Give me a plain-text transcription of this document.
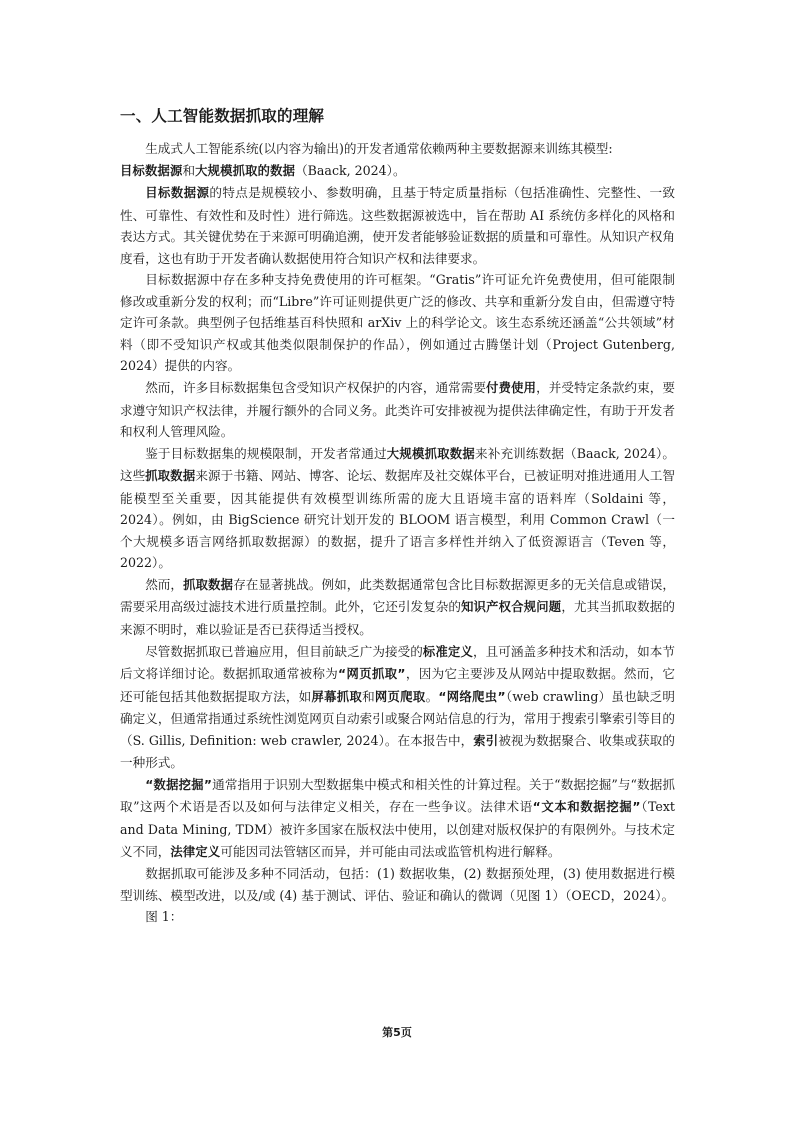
一、人工智能数据抓取的理解

生成式人工智能系统(以内容为输出)的开发者通常依赖两种主要数据源来训练其模型:
目标数据源和大规模抓取的数据（Baack, 2024）。

目标数据源的特点是规模较小、参数明确，且基于特定质量指标（包括准确性、完整性、一致性、可靠性、有效性和及时性）进行筛选。这些数据源被选中，旨在帮助 AI 系统仿多样化的风格和表达方式。其关键优势在于来源可明确追溯，使开发者能够验证数据的质量和可靠性。从知识产权角度看，这也有助于开发者确认数据使用符合知识产权和法律要求。

目标数据源中存在多种支持免费使用的许可框架。“Gratis”许可证允许免费使用，但可能限制修改或重新分发的权利；而“Libre”许可证则提供更广泛的修改、共享和重新分发自由，但需遵守特定许可条款。典型例子包括维基百科快照和 arXiv 上的科学论文。该生态系统还涵盖“公共领域”材料（即不受知识产权或其他类似限制保护的作品），例如通过古腾堡计划（Project Gutenberg, 2024）提供的内容。

然而，许多目标数据集包含受知识产权保护的内容，通常需要付费使用，并受特定条款约束，要求遵守知识产权法律，并履行额外的合同义务。此类许可安排被视为提供法律确定性，有助于开发者和权利人管理风险。

鉴于目标数据集的规模限制，开发者常通过大规模抓取数据来补充训练数据（Baack, 2024）。这些抓取数据来源于书籍、网站、博客、论坛、数据库及社交媒体平台，已被证明对推进通用人工智能模型至关重要，因其能提供有效模型训练所需的庞大且语境丰富的语料库（Soldaini 等，2024）。例如，由 BigScience 研究计划开发的 BLOOM 语言模型，利用 Common Crawl（一个大规模多语言网络抓取数据源）的数据，提升了语言多样性并纳入了低资源语言（Teven 等，2022）。

然而，抓取数据存在显著挑战。例如，此类数据通常包含比目标数据源更多的无关信息或错误，需要采用高级过滤技术进行质量控制。此外，它还引发复杂的知识产权合规问题，尤其当抓取数据的来源不明时，难以验证是否已获得适当授权。

尽管数据抓取已普遍应用，但目前缺乏广为接受的标准定义，且可涵盖多种技术和活动，如本节后文将详细讨论。数据抓取通常被称为“网页抓取”，因为它主要涉及从网站中提取数据。然而，它还可能包括其他数据提取方法，如屏幕抓取和网页爬取。“网络爬虫”（web crawling）虽也缺乏明确定义，但通常指通过系统性浏览网页自动索引或聚合网站信息的行为，常用于搜索引擎索引等目的（S. Gillis, Definition: web crawler, 2024）。在本报告中，索引被视为数据聚合、收集或获取的一种形式。

“数据挖掘”通常指用于识别大型数据集中模式和相关性的计算过程。关于“数据挖掘”与“数据抓取”这两个术语是否以及如何与法律定义相关，存在一些争议。法律术语“文本和数据挖掘”（Text and Data Mining, TDM）被许多国家在版权法中使用，以创建对版权保护的有限例外。与技术定义不同，法律定义可能因司法管辖区而异，并可能由司法或监管机构进行解释。

数据抓取可能涉及多种不同活动，包括：(1) 数据收集，(2) 数据预处理，(3) 使用数据进行模型训练、模型改进，以及/或 (4) 基于测试、评估、验证和确认的微调（见图 1）（OECD，2024）。

图 1：

第5页
